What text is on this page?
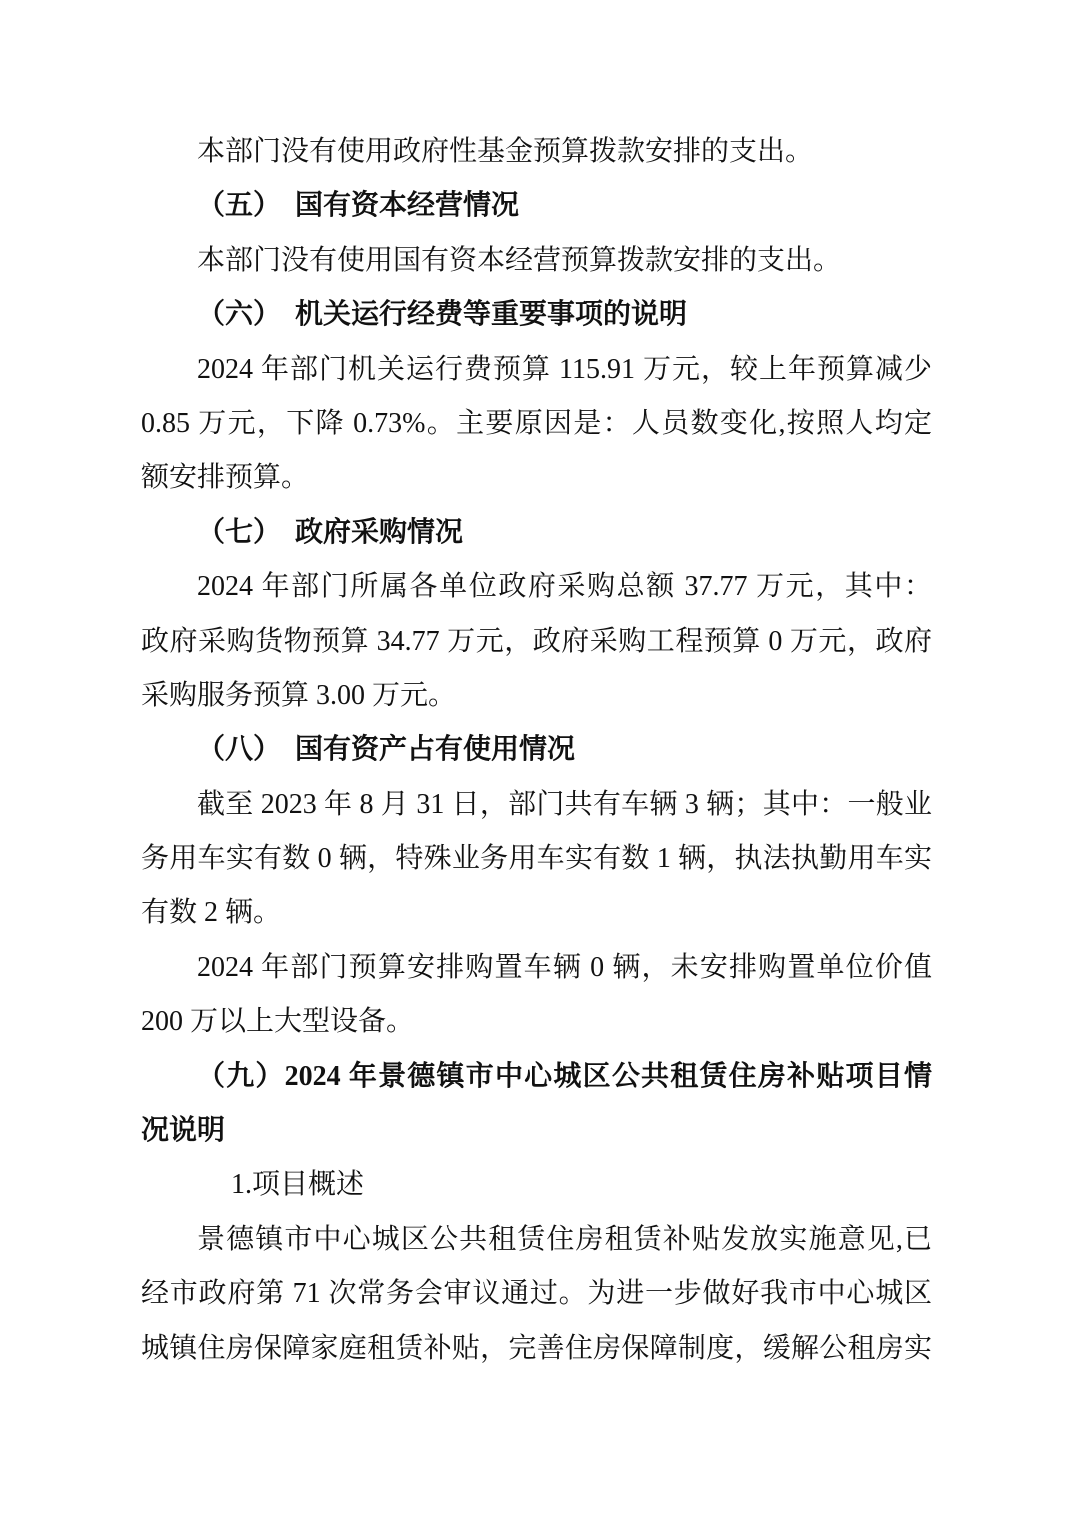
本部门没有使用政府性基金预算拨款安排的支出。
（五）　国有资本经营情况
本部门没有使用国有资本经营预算拨款安排的支出。
（六）　机关运行经费等重要事项的说明
2024 年部门机关运行费预算 115.91 万元，较上年预算减少
0.85 万元，下降 0.73%。主要原因是：人员数变化,按照人均定
额安排预算。
（七）　政府采购情况
2024 年部门所属各单位政府采购总额 37.77 万元，其中：
政府采购货物预算 34.77 万元，政府采购工程预算 0 万元，政府
采购服务预算 3.00 万元。
（八）　国有资产占有使用情况
截至 2023 年 8 月 31 日，部门共有车辆 3 辆；其中：一般业
务用车实有数 0 辆，特殊业务用车实有数 1 辆，执法执勤用车实
有数 2 辆。
2024 年部门预算安排购置车辆 0 辆，未安排购置单位价值
200 万以上大型设备。
（九）2024 年景德镇市中心城区公共租赁住房补贴项目情
况说明
1.项目概述
景德镇市中心城区公共租赁住房租赁补贴发放实施意见,已
经市政府第 71 次常务会审议通过。为进一步做好我市中心城区
城镇住房保障家庭租赁补贴，完善住房保障制度，缓解公租房实
